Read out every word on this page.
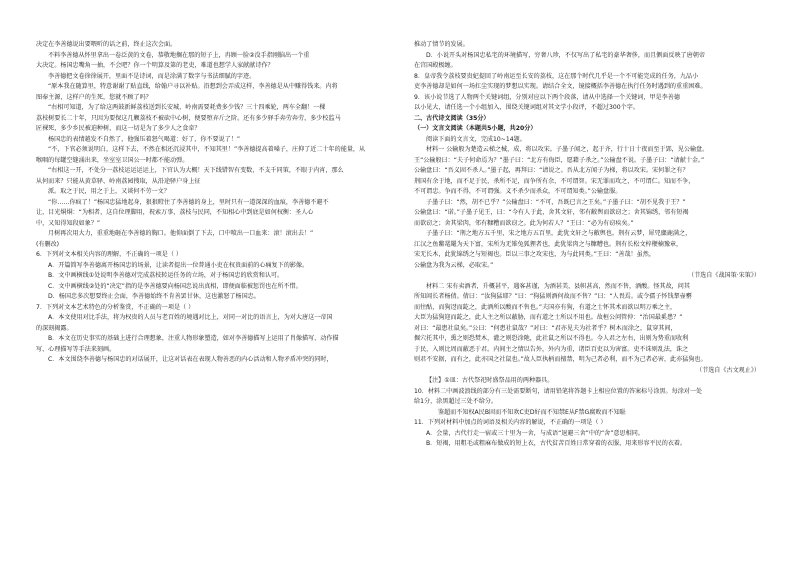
决定在李善德说出要喂听的话之前，终止这次会面。

不料李善德从怀里拿出一卷泛黄的文卷，恭敬地搁在那的短子上，冉顾一脸②没手指刚脑出一个重

大决定。杨国忠嘴角一抽，不会吧？你一个明算及第的老吏，难道也想学人家献献诗作？

李善德把文卷徐徐展开，里面不是诗词，而是涂满了数字与书法细腻的字迹。

“原本我在随算里，特意谢谢了贴直线，给翰户寻以补贴。沿想到会弄成这样，李善德是从中赚得钱来。内将

图奉主源，这样户的生死，您就不顾了吗？

“右相可知道，为了给这两鼓新鲜荔枝送到长安城，岭南需要耗费多少钱？三十四乘轮，两车全翻！一棵

荔枝树要长二十年，只因为要保这几颗荔枝不被砍中心树，便要堕弃斤之阶。还有多少驿手奔劳奔劳，多少校监马

匠裸死，多少乡民被迫种树，而这一切是为了多少人之食牵？

杨国忠的表情越发不自然了，他强压着怒气喝道：好了，你不要说了！”

“不，下官必须说明白，这样下去，不然在相还沉浸其中，不知其里！”李善德提高着嗓子，庄抑了近二十年的能量，从

喉咽的每罐空缝涌出来，坐室室卫国公一时都不能动弹。

“右相这一开，不处分一荔枝运运运运上，下官认为大概！天下线错智有变数，不支千同策，不眼于内宵，那么

从何而来？只能从黄草驿、岭南荔园搜取，从沿途驿户身上征

派。取之于民，用之于上，又谈何不劳一文？

“你……你疯了！”杨国忠猛地起身，狠狠瞪住了李善德的身上，里时只有一道深深的血痕，李善德不避不

让，目光烔烔：“为相者，这自位理脚用，祝索万事，荔枝与民同，不知相心中到底是如何权衡：圣人心

中，又知得知段如象？”

月树再次用大力，重重地砸在李善德的胸口。他仰面倒了下去，口中喷出一口血来：滚！滚出去！”

(有删改)

6．下列对文本相关内容的理解，不正确的一项是（ ）

A．开篇简写李善德离开杨国忠的场景，让读者提出一位普通小吏在权贵面前的心痛复下的影像。

B．文中画横线①处说明李善德对完成荔枝转运任务的立场，对于杨国忠的欣赏和认可。

C．文中画横线②处的“决定”指的是李善德要向杨国忠说出真相，即便面临被惩罚也在所不惜。

D．杨国忠多次想要终止会面，李善德始终不肯善罢甘休，这也激怒了杨国忠。

7．下列对文本艺术特色的分析鉴赏，不正确的一项是（ ）

A．本文使用对比手法，将为权贵的人员与老百姓的境遇对比上，对同一对比的语言上，为对大唐这一帝国

的深刻揭露。

B．本文在历史事实的基础上进行合理想象，注重人物形象塑造，如对李善德描写上运用了肖像描写、动作描

写、心理描写等手法来刻画。

C．本文围绕李善德与杨国忠的对话展开，让这对话表在表现人物善恶的内心活动和人物矛盾冲突的同时，

推动了情节的发展。

D．小说开头对杨国忠私宅的环境描写，穷奢八珍，不仅写出了私宅的豪华奢侈，而且侧面反映了唐朝帝

在宫国殿极缠。

8．皇帝我令荔枝要贵妃提回了岭南运至长安的荔枝，这在那个时代几乎是一个不可能完成的任务，九品小

吏李善德却是如何一场扛尘实现的梦想以实现。请结合全文，镜接概括李善德在执行任务时遇到的重重困难。

9．该小说节选了人物两个关键词组，分别对应以下两个段落，请从中选择一个关键词，甲是李善德

以小见大，请任选一个小组加入，围绕关键词组对其文学小段评，不超过300个字。

二、古代诗文阅读（35分）

（一）文言文阅读（本题共5小题，共20分）

阅读下面的文言文，完成10~14题。

材料一 公输般为楚造云梯之械，成，将以攻宋。子墨子闻之，起于齐，行十日十夜而至于郢，见公输盘。

王“公输般曰：“夫子何命焉为？”墨子曰：“北方有侮臣，愿藉子杀之。”公输盘不说。子墨子曰：“请献十金。”

公输盘曰：“吾义固不杀人。”墨子起，再拜曰：“请说之。吾从北方闻子为梯，将以攻宋。宋何罪之有？

荆国有余于地，而不足于民，杀所不足，而争所有余，不可谓智。宋无罪而攻之，不可谓仁。知而不争，

不可谓忠。争而不得，不可谓强。义不杀少而杀众，不可谓知类。”公输盘服。

子墨子曰：“然，胡不已乎？”公输盘曰：“不可，吾既已言之王矣。”子墨子曰：“胡不见我于王？”

公输盘曰：“诺。”子墨子见王，曰：“今有人于此，舍其文轩，邻有敝舆而欲窃之；舍其锦绣，邻有短褐

而欲窃之；舍其梁肉，邻有糠糟而欲窃之。此为何若人？”王曰：“必为有窃疾矣。”

子墨子曰：“荆之地方五千里，宋之地方五百里，此犹文轩之与敝舆也。荆有云梦，犀兕麋鹿满之，

江汉之鱼鳖鼋鼍为天下富，宋所为无雉兔狐狸者也，此犹梁肉之与糠糟也。荆有长松文梓楩楠豫章，

宋无长木，此犹锦绣之与短褐也。臣以三事之攻宋也，为与此同类。”王曰：“善哉！虽然，

公输盘为我为云梯，必取宋。”

（节选自《战国策·宋策》）

材料二 宋有卖酒者，升概甚平，遇客甚谨，为酒甚美，县帜甚高，然而不售，酒酸。怪其故，问其

所知闾长者杨倩。倩曰：“汝狗猛耶？”曰：“狗猛则酒何故而不售？”曰：“人畏焉。或令孺子怀钱挈壶罋

而往酤，而狗迓而龁之，此酒所以酸而不售也。”夫国亦有狗，有道之士怀其术而欲以明万乘之主，

大臣为猛狗迎而龁之，此人主之所以蔽胁，而有道之士所以不用也。故桓公问管仲：“治国最奚患？”

对曰：“最患社鼠矣。”公曰：“何患社鼠哉？”对曰：“君亦见夫为社者乎？树木而涂之，鼠穿其间，

掘穴托其中，熏之则恐焚木，灌之则恐涂阤，此社鼠之所以不得也。今人君之左右，出则为势重而收利

于民，入则比周而蔽恶于君。内间主之情以告外，外内为重，诸臣百吏以为害富。吏不诛则乱法，诛之

则君不安据，而有之，此亦国之社鼠也。”故人臣执柄而擅禁，明为己者必利，而不为己者必害，此亦猛狗也。

（节选自《古文观止》）

【注】①皿：古代祭祀时盛祭品用的两种器具。

10．材料二中画波浪线的部分有三处需要断句，请用铅笔将答题卡上相应位置的答案标号涂黑。每涂对一处

给1分，涂黑超过三处不给分。

鉴超而不知权A民B固而不知欢C吏D好而不知禁E从F禁G腐败而不知耻

11．下列对材料中加点的词语及相关内容的解说，不正确的一项是（ ）

A．会量，古代行走一宿或三十里为一舍，与成语“退避三舍”中的“舍”意思相同。

B．短褐，用粗毛或粗麻布做成的短上衣，古代贫苦百姓日常穿着的衣服，用来形容平民的衣着。
